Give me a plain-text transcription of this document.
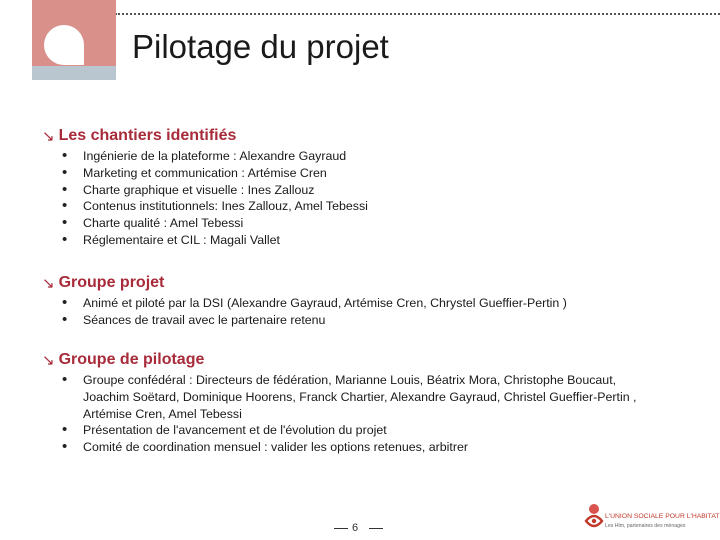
Pilotage du projet
↘ Les chantiers identifiés
• Ingénierie de la plateforme : Alexandre Gayraud
• Marketing et communication : Artémise Cren
• Charte graphique et visuelle : Ines Zallouz
• Contenus institutionnels: Ines Zallouz, Amel Tebessi
• Charte qualité : Amel Tebessi
• Réglementaire et CIL : Magali Vallet
↘ Groupe projet
• Animé et piloté par la DSI (Alexandre Gayraud, Artémise Cren, Chrystel Gueffier-Pertin )
• Séances de travail avec le partenaire retenu
↘ Groupe de pilotage
• Groupe confédéral : Directeurs de fédération, Marianne Louis, Béatrix Mora, Christophe Boucaut, Joachim Soëtard, Dominique Hoorens, Franck Chartier, Alexandre Gayraud, Christel Gueffier-Pertin , Artémise Cren, Amel Tebessi
• Présentation de l'avancement et de l'évolution du projet
• Comité de coordination mensuel : valider les options retenues, arbitrer
6
L'UNION SOCIALE POUR L'HABITAT
Les Hlm, partenaires des ménages
